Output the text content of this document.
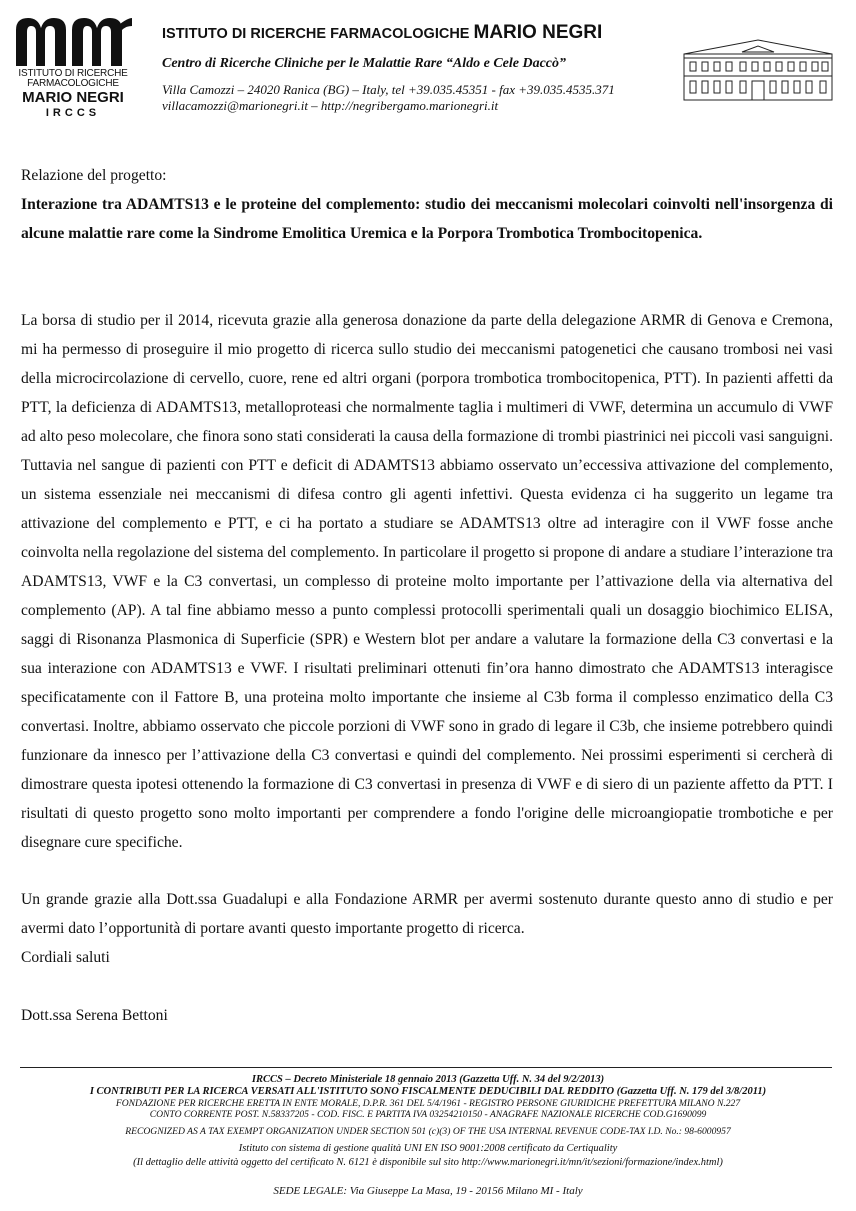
ISTITUTO DI RICERCHE
FARMACOLOGICHE
MARIO NEGRI
IRCCS
ISTITUTO DI RICERCHE FARMACOLOGICHE MARIO NEGRI
Centro di Ricerche Cliniche per le Malattie Rare “Aldo e Cele Daccò”
Villa Camozzi – 24020 Ranica (BG) – Italy, tel +39.035.45351 - fax +39.035.4535.371
villacamozzi@marionegri.it – http://negribergamo.marionegri.it
Relazione del progetto:
Interazione tra ADAMTS13 e le proteine del complemento: studio dei meccanismi molecolari coinvolti nell'insorgenza di alcune malattie rare come la Sindrome Emolitica Uremica e la Porpora Trombotica Trombocitopenica.
La borsa di studio per il 2014, ricevuta grazie alla generosa donazione da parte della delegazione ARMR di Genova e Cremona, mi ha permesso di proseguire il mio progetto di ricerca sullo studio dei meccanismi patogenetici che causano trombosi nei vasi della microcircolazione di cervello, cuore, rene ed altri organi (porpora trombotica trombocitopenica, PTT). In pazienti affetti da PTT, la deficienza di ADAMTS13, metalloproteasi che normalmente taglia i multimeri di VWF, determina un accumulo di VWF ad alto peso molecolare, che finora sono stati considerati la causa della formazione di trombi piastrinici nei piccoli vasi sanguigni. Tuttavia nel sangue di pazienti con PTT e deficit di ADAMTS13 abbiamo osservato un’eccessiva attivazione del complemento, un sistema essenziale nei meccanismi di difesa contro gli agenti infettivi. Questa evidenza ci ha suggerito un legame tra attivazione del complemento e PTT, e ci ha portato a studiare se ADAMTS13 oltre ad interagire con il VWF fosse anche coinvolta nella regolazione del sistema del complemento. In particolare il progetto si propone di andare a studiare l’interazione tra ADAMTS13, VWF e la C3 convertasi, un complesso di proteine molto importante per l’attivazione della via alternativa del complemento (AP). A tal fine abbiamo messo a punto complessi protocolli sperimentali quali un dosaggio biochimico ELISA, saggi di Risonanza Plasmonica di Superficie (SPR) e Western blot per andare a valutare la formazione della C3 convertasi e la sua interazione con ADAMTS13 e VWF. I risultati preliminari ottenuti fin’ora hanno dimostrato che ADAMTS13 interagisce specificatamente con il Fattore B, una proteina molto importante che insieme al C3b forma il complesso enzimatico della C3 convertasi. Inoltre, abbiamo osservato che piccole porzioni di VWF sono in grado di legare il C3b, che insieme potrebbero quindi funzionare da innesco per l’attivazione della C3 convertasi e quindi del complemento. Nei prossimi esperimenti si cercherà di dimostrare questa ipotesi ottenendo la formazione di C3 convertasi in presenza di VWF e di siero di un paziente affetto da PTT. I risultati di questo progetto sono molto importanti per comprendere a fondo l'origine delle microangiopatie trombotiche e per disegnare cure specifiche.
Un grande grazie alla Dott.ssa Guadalupi e alla Fondazione ARMR per avermi sostenuto durante questo anno di studio e per avermi dato l’opportunità di portare avanti questo importante progetto di ricerca.
Cordiali saluti
Dott.ssa Serena Bettoni
IRCCS – Decreto Ministeriale 18 gennaio 2013 (Gazzetta Uff. N. 34 del 9/2/2013)
I CONTRIBUTI PER LA RICERCA VERSATI ALL'ISTITUTO SONO FISCALMENTE DEDUCIBILI DAL REDDITO (Gazzetta Uff. N. 179 del 3/8/2011)
FONDAZIONE PER RICERCHE ERETTA IN ENTE MORALE, D.P.R. 361 DEL 5/4/1961 - REGISTRO PERSONE GIURIDICHE PREFETTURA MILANO N.227
CONTO CORRENTE POST. N.58337205 - COD. FISC. E PARTITA IVA 03254210150 - ANAGRAFE NAZIONALE RICERCHE COD.G1690099
RECOGNIZED AS A TAX EXEMPT ORGANIZATION UNDER SECTION 501 (c)(3) OF THE USA INTERNAL REVENUE CODE-TAX I.D. No.: 98-6000957
Istituto con sistema di gestione qualità UNI EN ISO 9001:2008 certificato da Certiquality
(Il dettaglio delle attività oggetto del certificato N. 6121 è disponibile sul sito http://www.marionegri.it/mn/it/sezioni/formazione/index.html)
SEDE LEGALE: Via Giuseppe La Masa, 19 - 20156 Milano MI - Italy
